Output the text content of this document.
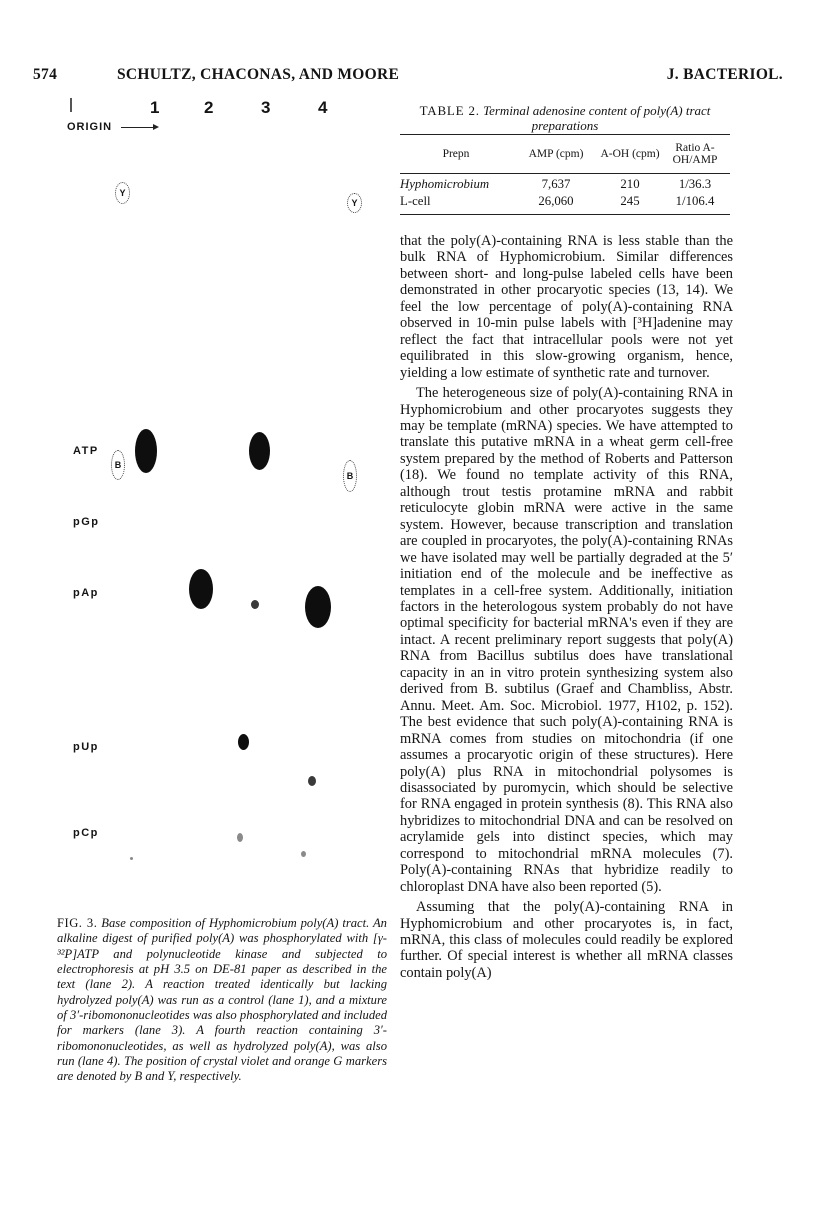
574	SCHULTZ, CHACONAS, AND MOORE	J. BACTERIOL.
1	2	3	4
ORIGIN
Y
Y
ATP
pGp
pAp
pUp
pCp
B
B
FIG. 3. Base composition of Hyphomicrobium poly(A) tract. An alkaline digest of purified poly(A) was phosphorylated with [γ-³²P]ATP and polynucleotide kinase and subjected to electrophoresis at pH 3.5 on DE-81 paper as described in the text (lane 2). A reaction treated identically but lacking hydrolyzed poly(A) was run as a control (lane 1), and a mixture of 3′-ribomononucleotides was also phosphorylated and included for markers (lane 3). A fourth reaction containing 3′-ribomononucleotides, as well as hydrolyzed poly(A), was also run (lane 4). The position of crystal violet and orange G markers are denoted by B and Y, respectively.
TABLE 2. Terminal adenosine content of poly(A) tract preparations
Prepn	AMP (cpm)	A-OH (cpm)	Ratio A-OH/AMP
Hyphomicrobium	7,637	210	1/36.3
L-cell	26,060	245	1/106.4

that the poly(A)-containing RNA is less stable than the bulk RNA of Hyphomicrobium. Similar differences between short- and long-pulse labeled cells have been demonstrated in other procaryotic species (13, 14). We feel the low percentage of poly(A)-containing RNA observed in 10-min pulse labels with [³H]adenine may reflect the fact that intracellular pools were not yet equilibrated in this slow-growing organism, hence, yielding a low estimate of synthetic rate and turnover.

The heterogeneous size of poly(A)-containing RNA in Hyphomicrobium and other procaryotes suggests they may be template (mRNA) species. We have attempted to translate this putative mRNA in a wheat germ cell-free system prepared by the method of Roberts and Patterson (18). We found no template activity of this RNA, although trout testis protamine mRNA and rabbit reticulocyte globin mRNA were active in the same system. However, because transcription and translation are coupled in procaryotes, the poly(A)-containing RNAs we have isolated may well be partially degraded at the 5′ initiation end of the molecule and be ineffective as templates in a cell-free system. Additionally, initiation factors in the heterologous system probably do not have optimal specificity for bacterial mRNA's even if they are intact. A recent preliminary report suggests that poly(A) RNA from Bacillus subtilus does have translational capacity in an in vitro protein synthesizing system also derived from B. subtilus (Graef and Chambliss, Abstr. Annu. Meet. Am. Soc. Microbiol. 1977, H102, p. 152). The best evidence that such poly(A)-containing RNA is mRNA comes from studies on mitochondria (if one assumes a procaryotic origin of these structures). Here poly(A) plus RNA in mitochondrial polysomes is disassociated by puromycin, which should be selective for RNA engaged in protein synthesis (8). This RNA also hybridizes to mitochondrial DNA and can be resolved on acrylamide gels into distinct species, which may correspond to mitochondrial mRNA molecules (7). Poly(A)-containing RNAs that hybridize readily to chloroplast DNA have also been reported (5).

Assuming that the poly(A)-containing RNA in Hyphomicrobium and other procaryotes is, in fact, mRNA, this class of molecules could readily be explored further. Of special interest is whether all mRNA classes contain poly(A)
